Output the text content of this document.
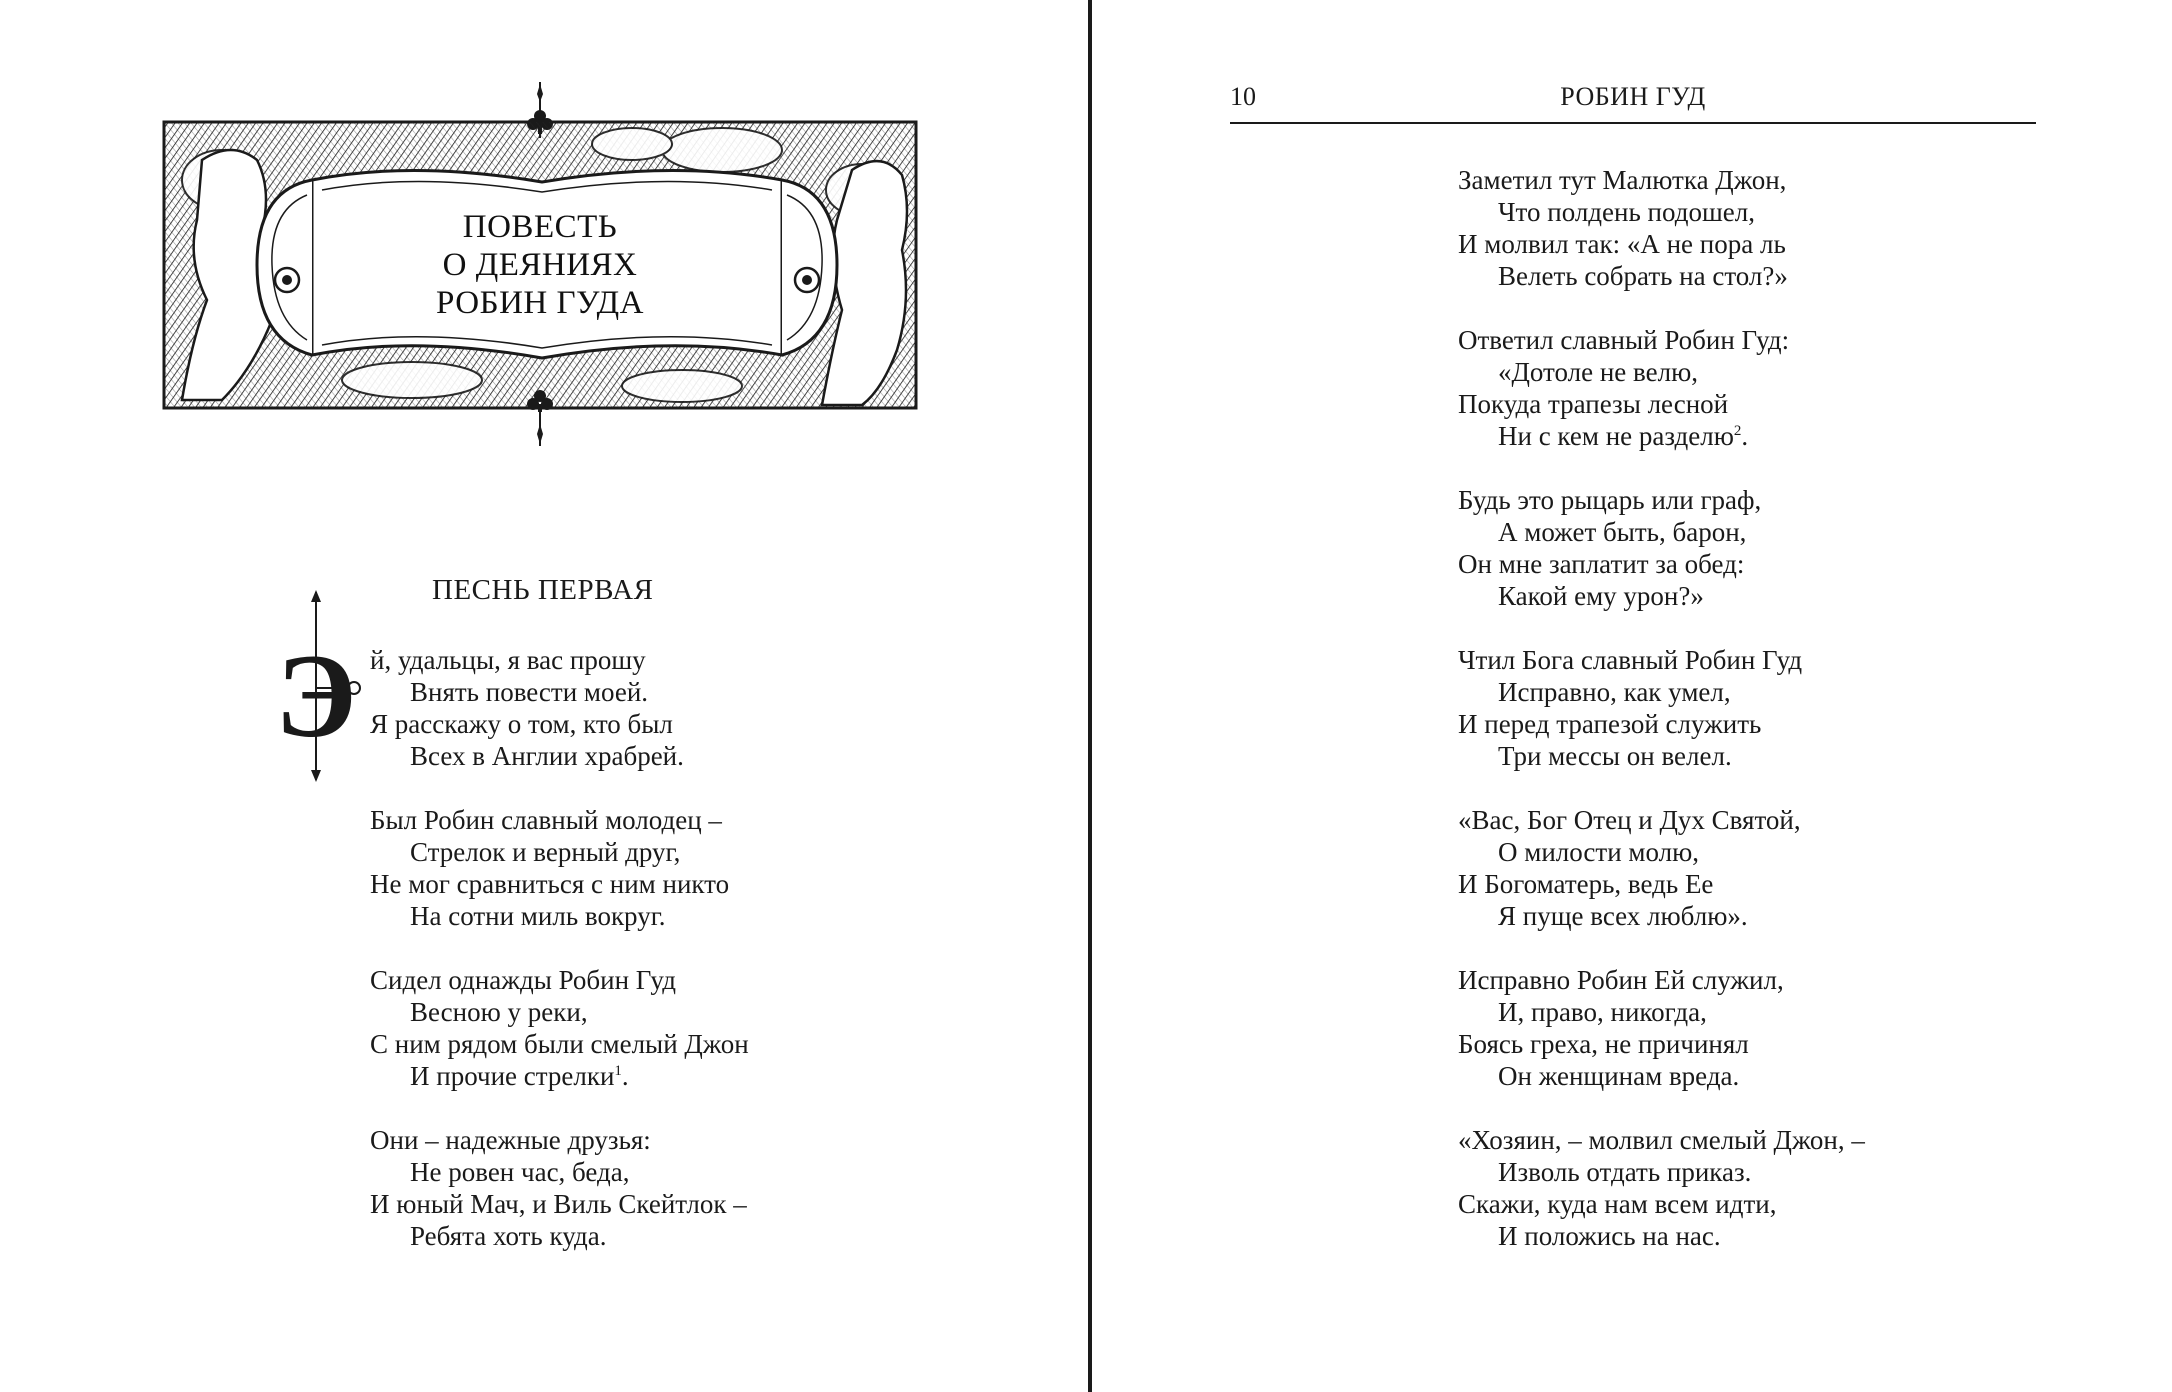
ПОВЕСТЬ
О ДЕЯНИЯХ
РОБИН ГУДА
ПЕСНЬ ПЕРВАЯ
Э й, удальцы, я вас прошу
Внять повести моей.
Я расскажу о том, кто был
Всех в Англии храбрей.
Был Робин славный молодец –
Стрелок и верный друг,
Не мог сравниться с ним никто
На сотни миль вокруг.
Сидел однажды Робин Гуд
Весною у реки,
С ним рядом были смелый Джон
И прочие стрелки$^1$.
Они – надежные друзья:
Не ровен час, беда,
И юный Мач, и Виль Скейтлок –
Ребята хоть куда.
10	РОБИН ГУД
Заметил тут Малютка Джон,
Что полдень подошел,
И молвил так: «А не пора ль
Велеть собрать на стол?»
Ответил славный Робин Гуд:
«Дотоле не велю,
Покуда трапезы лесной
Ни с кем не разделю$^2$.
Будь это рыцарь или граф,
А может быть, барон,
Он мне заплатит за обед:
Какой ему урон?»
Чтил Бога славный Робин Гуд
Исправно, как умел,
И перед трапезой служить
Три мессы он велел.
«Вас, Бог Отец и Дух Святой,
О милости молю,
И Богоматерь, ведь Ее
Я пуще всех люблю».
Исправно Робин Ей служил,
И, право, никогда,
Боясь греха, не причинял
Он женщинам вреда.
«Хозяин, – молвил смелый Джон, –
Изволь отдать приказ.
Скажи, куда нам всем идти,
И положись на нас.
